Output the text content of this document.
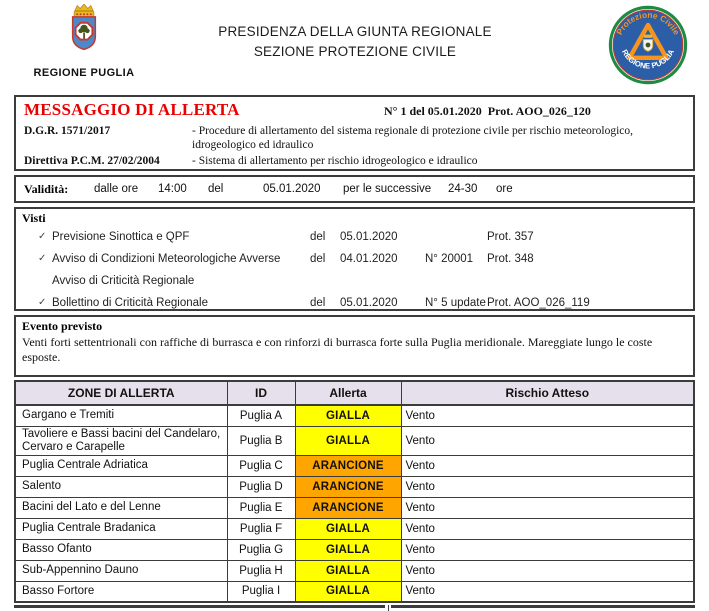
REGIONE PUGLIA
PRESIDENZA DELLA GIUNTA REGIONALE
SEZIONE PROTEZIONE CIVILE
Protezione Civile
REGIONE PUGLIA
MESSAGGIO DI ALLERTA	N° 1 del 05.01.2020  Prot. AOO_026_120
D.G.R. 1571/2017	- Procedure di allertamento del sistema regionale di protezione civile per rischio meteorologico, idrogeologico ed idraulico
Direttiva P.C.M. 27/02/2004	- Sistema di allertamento per rischio idrogeologico e idraulico
Validità: dalle ore 14:00 del	05.01.2020 per le successive 24-30 ore
Visti
✓ Previsione Sinottica e QPF	del 05.01.2020	Prot. 357
✓ Avviso di Condizioni Meteorologiche Avverse	del 04.01.2020 N° 20001 Prot. 348
Avviso di Criticità Regionale
✓ Bollettino di Criticità Regionale	del 05.01.2020 N° 5 update Prot. AOO_026_119
Evento previsto
Venti forti settentrionali con raffiche di burrasca e con rinforzi di burrasca forte sulla Puglia meridionale. Mareggiate lungo le coste esposte.
ZONE DI ALLERTA	ID	Allerta	Rischio Atteso
Gargano e Tremiti	Puglia A	GIALLA	Vento
Tavoliere e Bassi bacini del Candelaro, Cervaro e Carapelle	Puglia B	GIALLA	Vento
Puglia Centrale Adriatica	Puglia C	ARANCIONE	Vento
Salento	Puglia D	ARANCIONE	Vento
Bacini del Lato e del Lenne	Puglia E	ARANCIONE	Vento
Puglia Centrale Bradanica	Puglia F	GIALLA	Vento
Basso Ofanto	Puglia G	GIALLA	Vento
Sub-Appennino Dauno	Puglia H	GIALLA	Vento
Basso Fortore	Puglia I	GIALLA	Vento
